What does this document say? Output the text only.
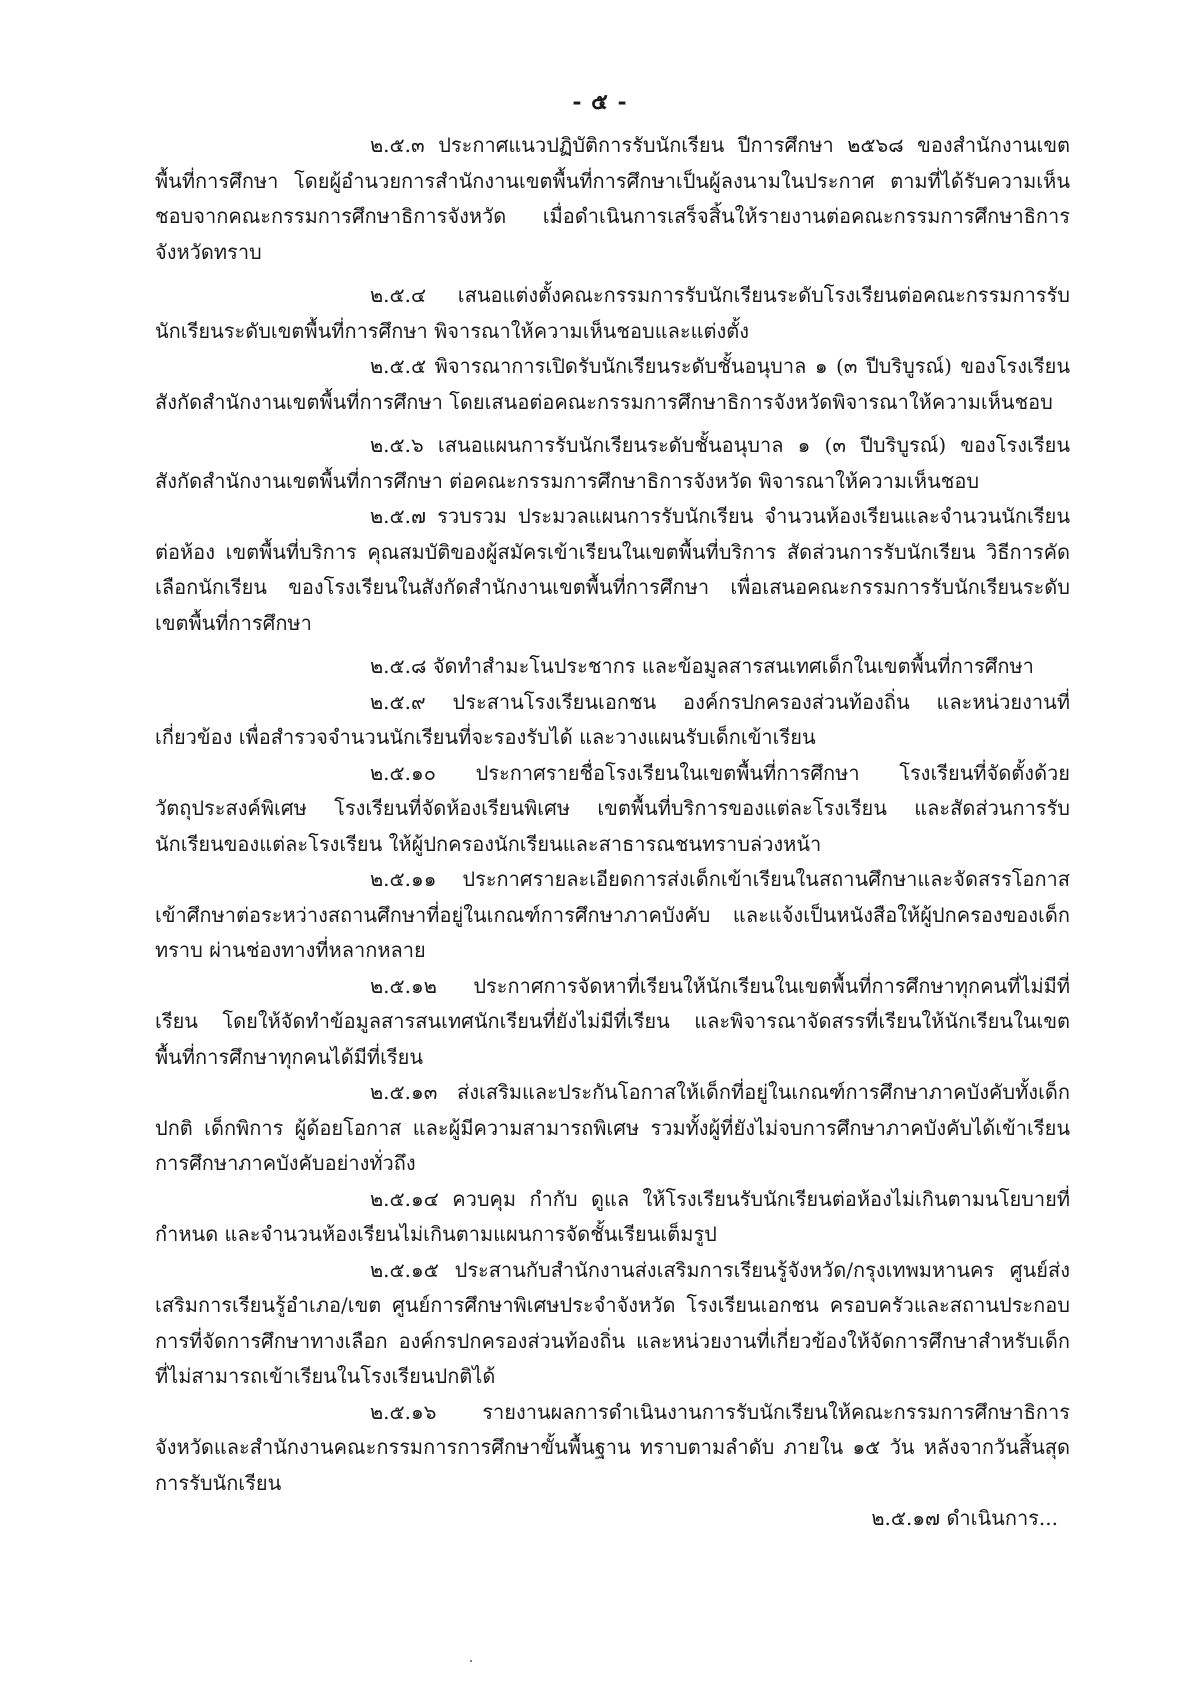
- ๕ -

๒.๕.๓ ประกาศแนวปฏิบัติการรับนักเรียน ปีการศึกษา ๒๕๖๘ ของสำนักงานเขตพื้นที่การศึกษา โดยผู้อำนวยการสำนักงานเขตพื้นที่การศึกษาเป็นผู้ลงนามในประกาศ ตามที่ได้รับความเห็นชอบจากคณะกรรมการศึกษาธิการจังหวัด เมื่อดำเนินการเสร็จสิ้นให้รายงานต่อคณะกรรมการศึกษาธิการจังหวัดทราบ

๒.๕.๔ เสนอแต่งตั้งคณะกรรมการรับนักเรียนระดับโรงเรียนต่อคณะกรรมการรับนักเรียนระดับเขตพื้นที่การศึกษา พิจารณาให้ความเห็นชอบและแต่งตั้ง

๒.๕.๕ พิจารณาการเปิดรับนักเรียนระดับชั้นอนุบาล ๑ (๓ ปีบริบูรณ์) ของโรงเรียนสังกัดสำนักงานเขตพื้นที่การศึกษา โดยเสนอต่อคณะกรรมการศึกษาธิการจังหวัดพิจารณาให้ความเห็นชอบ

๒.๕.๖ เสนอแผนการรับนักเรียนระดับชั้นอนุบาล ๑ (๓ ปีบริบูรณ์) ของโรงเรียนสังกัดสำนักงานเขตพื้นที่การศึกษา ต่อคณะกรรมการศึกษาธิการจังหวัด พิจารณาให้ความเห็นชอบ

๒.๕.๗ รวบรวม ประมวลแผนการรับนักเรียน จำนวนห้องเรียนและจำนวนนักเรียนต่อห้อง เขตพื้นที่บริการ คุณสมบัติของผู้สมัครเข้าเรียนในเขตพื้นที่บริการ สัดส่วนการรับนักเรียน วิธีการคัดเลือกนักเรียน ของโรงเรียนในสังกัดสำนักงานเขตพื้นที่การศึกษา เพื่อเสนอคณะกรรมการรับนักเรียนระดับเขตพื้นที่การศึกษา

๒.๕.๘ จัดทำสำมะโนประชากร และข้อมูลสารสนเทศเด็กในเขตพื้นที่การศึกษา

๒.๕.๙ ประสานโรงเรียนเอกชน องค์กรปกครองส่วนท้องถิ่น และหน่วยงานที่เกี่ยวข้อง เพื่อสำรวจจำนวนนักเรียนที่จะรองรับได้ และวางแผนรับเด็กเข้าเรียน

๒.๕.๑๐ ประกาศรายชื่อโรงเรียนในเขตพื้นที่การศึกษา โรงเรียนที่จัดตั้งด้วยวัตถุประสงค์พิเศษ โรงเรียนที่จัดห้องเรียนพิเศษ เขตพื้นที่บริการของแต่ละโรงเรียน และสัดส่วนการรับนักเรียนของแต่ละโรงเรียน ให้ผู้ปกครองนักเรียนและสาธารณชนทราบล่วงหน้า

๒.๕.๑๑ ประกาศรายละเอียดการส่งเด็กเข้าเรียนในสถานศึกษาและจัดสรรโอกาสเข้าศึกษาต่อระหว่างสถานศึกษาที่อยู่ในเกณฑ์การศึกษาภาคบังคับ และแจ้งเป็นหนังสือให้ผู้ปกครองของเด็กทราบ ผ่านช่องทางที่หลากหลาย

๒.๕.๑๒ ประกาศการจัดหาที่เรียนให้นักเรียนในเขตพื้นที่การศึกษาทุกคนที่ไม่มีที่เรียน โดยให้จัดทำข้อมูลสารสนเทศนักเรียนที่ยังไม่มีที่เรียน และพิจารณาจัดสรรที่เรียนให้นักเรียนในเขตพื้นที่การศึกษาทุกคนได้มีที่เรียน

๒.๕.๑๓ ส่งเสริมและประกันโอกาสให้เด็กที่อยู่ในเกณฑ์การศึกษาภาคบังคับทั้งเด็กปกติ เด็กพิการ ผู้ด้อยโอกาส และผู้มีความสามารถพิเศษ รวมทั้งผู้ที่ยังไม่จบการศึกษาภาคบังคับได้เข้าเรียนการศึกษาภาคบังคับอย่างทั่วถึง

๒.๕.๑๔ ควบคุม กำกับ ดูแล ให้โรงเรียนรับนักเรียนต่อห้องไม่เกินตามนโยบายที่กำหนด และจำนวนห้องเรียนไม่เกินตามแผนการจัดชั้นเรียนเต็มรูป

๒.๕.๑๕ ประสานกับสำนักงานส่งเสริมการเรียนรู้จังหวัด/กรุงเทพมหานคร ศูนย์ส่งเสริมการเรียนรู้อำเภอ/เขต ศูนย์การศึกษาพิเศษประจำจังหวัด โรงเรียนเอกชน ครอบครัวและสถานประกอบการที่จัดการศึกษาทางเลือก องค์กรปกครองส่วนท้องถิ่น และหน่วยงานที่เกี่ยวข้องให้จัดการศึกษาสำหรับเด็กที่ไม่สามารถเข้าเรียนในโรงเรียนปกติได้

๒.๕.๑๖ รายงานผลการดำเนินงานการรับนักเรียนให้คณะกรรมการศึกษาธิการจังหวัดและสำนักงานคณะกรรมการการศึกษาขั้นพื้นฐาน ทราบตามลำดับ ภายใน ๑๕ วัน หลังจากวันสิ้นสุดการรับนักเรียน

๒.๕.๑๗ ดำเนินการ...
